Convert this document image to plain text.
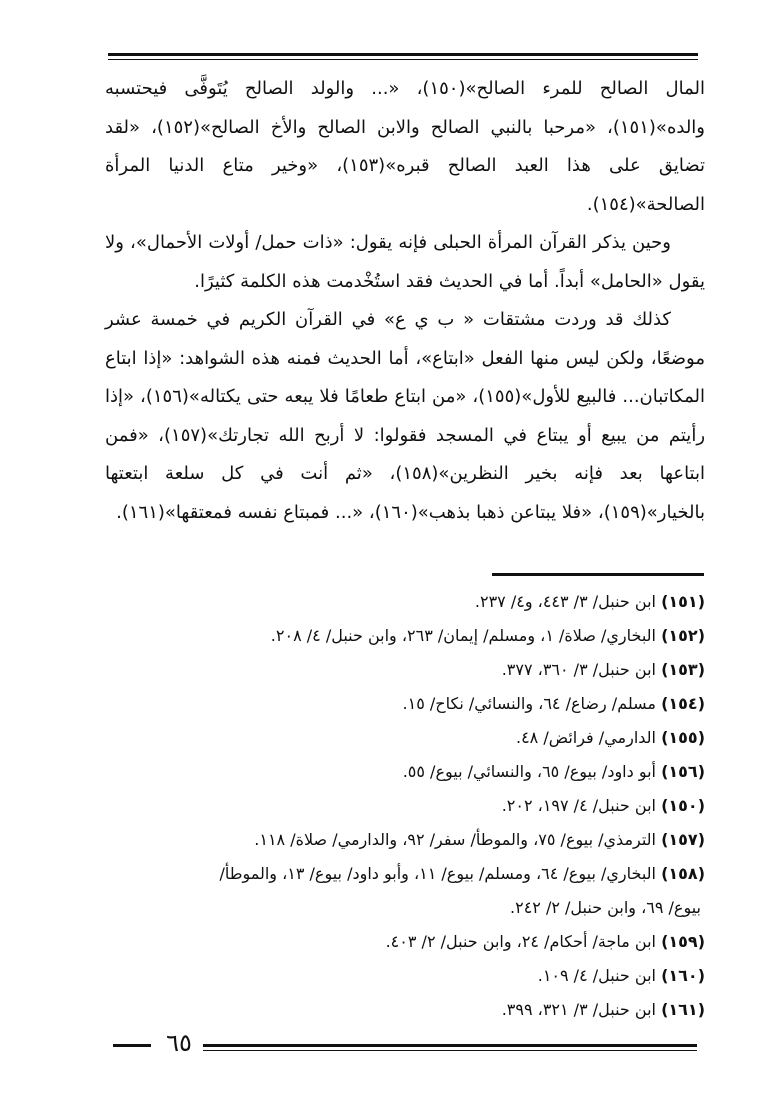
المال الصالح للمرء الصالح»(١٥٠)، «... والولد الصالح يُتَوفَّى فيحتسبه والده»(١٥١)، «مرحبا بالنبي الصالح والابن الصالح والأخ الصالح»(١٥٢)، «لقد تضايق على هذا العبد الصالح قبره»(١٥٣)، «وخير متاع الدنيا المرأة الصالحة»(١٥٤).

وحين يذكر القرآن المرأة الحبلى فإنه يقول: «ذات حمل/ أولات الأحمال»، ولا يقول «الحامل» أبداً. أما في الحديث فقد استُخْدمت هذه الكلمة كثيرًا.

كذلك قد وردت مشتقات « ب ي ع» في القرآن الكريم في خمسة عشر موضعًا، ولكن ليس منها الفعل «ابتاع»، أما الحديث فمنه هذه الشواهد: «إذا ابتاع المكاتبان... فالبيع للأول»(١٥٥)، «من ابتاع طعامًا فلا يبعه حتى يكتاله»(١٥٦)، «إذا رأيتم من يبيع أو يبتاع في المسجد فقولوا: لا أربح الله تجارتك»(١٥٧)، «فمن ابتاعها بعد فإنه بخير النظرين»(١٥٨)، «ثم أنت في كل سلعة ابتعتها بالخيار»(١٥٩)، «فلا يبتاعن ذهبا بذهب»(١٦٠)، «... فمبتاع نفسه فمعتقها»(١٦١).

(١٥١) ابن حنبل/ ٣/ ٤٤٣، و٤/ ٢٣٧.

(١٥٢) البخاري/ صلاة/ ١، ومسلم/ إيمان/ ٢٦٣، وابن حنبل/ ٤/ ٢٠٨.

(١٥٣) ابن حنبل/ ٣/ ٣٦٠، ٣٧٧.

(١٥٤) مسلم/ رضاع/ ٦٤، والنسائي/ نكاح/ ١٥.

(١٥٥) الدارمي/ فرائض/ ٤٨.

(١٥٦) أبو داود/ بيوع/ ٦٥، والنسائي/ بيوع/ ٥٥.

(١٥٠) ابن حنبل/ ٤/ ١٩٧، ٢٠٢.

(١٥٧) الترمذي/ بيوع/ ٧٥، والموطأ/ سفر/ ٩٢، والدارمي/ صلاة/ ١١٨.

(١٥٨) البخاري/ بيوع/ ٦٤، ومسلم/ بيوع/ ١١، وأبو داود/ بيوع/ ١٣، والموطأ/

بيوع/ ٦٩، وابن حنبل/ ٢/ ٢٤٢.

(١٥٩) ابن ماجة/ أحكام/ ٢٤، وابن حنبل/ ٢/ ٤٠٣.

(١٦٠) ابن حنبل/ ٤/ ١٠٩.

(١٦١) ابن حنبل/ ٣/ ٣٢١، ٣٩٩.

٦٥
